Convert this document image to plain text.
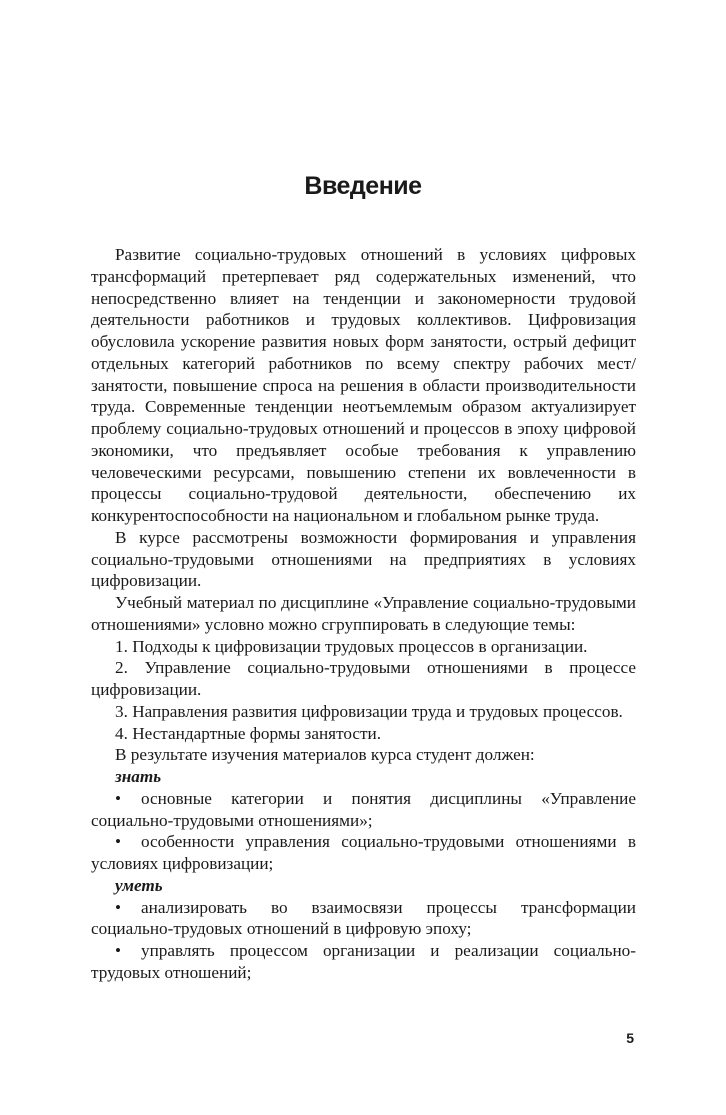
Введение

Развитие социально-трудовых отношений в условиях цифровых трансформаций претерпевает ряд содержательных изменений, что непосредственно влияет на тенденции и закономерности трудовой деятельности работников и трудовых коллективов. Цифровизация обусловила ускорение развития новых форм занятости, острый дефицит отдельных категорий работников по всему спектру рабочих мест/занятости, повышение спроса на решения в области производительности труда. Современные тенденции неотъемлемым образом актуализирует проблему социально-трудовых отношений и процессов в эпоху цифровой экономики, что предъявляет особые требования к управлению человеческими ресурсами, повышению степени их вовлеченности в процессы социально-трудовой деятельности, обеспечению их конкурентоспособности на национальном и глобальном рынке труда.

В курсе рассмотрены возможности формирования и управления социально-трудовыми отношениями на предприятиях в условиях цифровизации.

Учебный материал по дисциплине «Управление социально-трудовыми отношениями» условно можно сгруппировать в следующие темы:

1. Подходы к цифровизации трудовых процессов в организации.

2. Управление социально-трудовыми отношениями в процессе цифровизации.

3. Направления развития цифровизации труда и трудовых процессов.

4. Нестандартные формы занятости.

В результате изучения материалов курса студент должен:

знать

• основные категории и понятия дисциплины «Управление социально-трудовыми отношениями»;

• особенности управления социально-трудовыми отношениями в условиях цифровизации;

уметь

• анализировать во взаимосвязи процессы трансформации социально-трудовых отношений в цифровую эпоху;

• управлять процессом организации и реализации социально-трудовых отношений;

5
